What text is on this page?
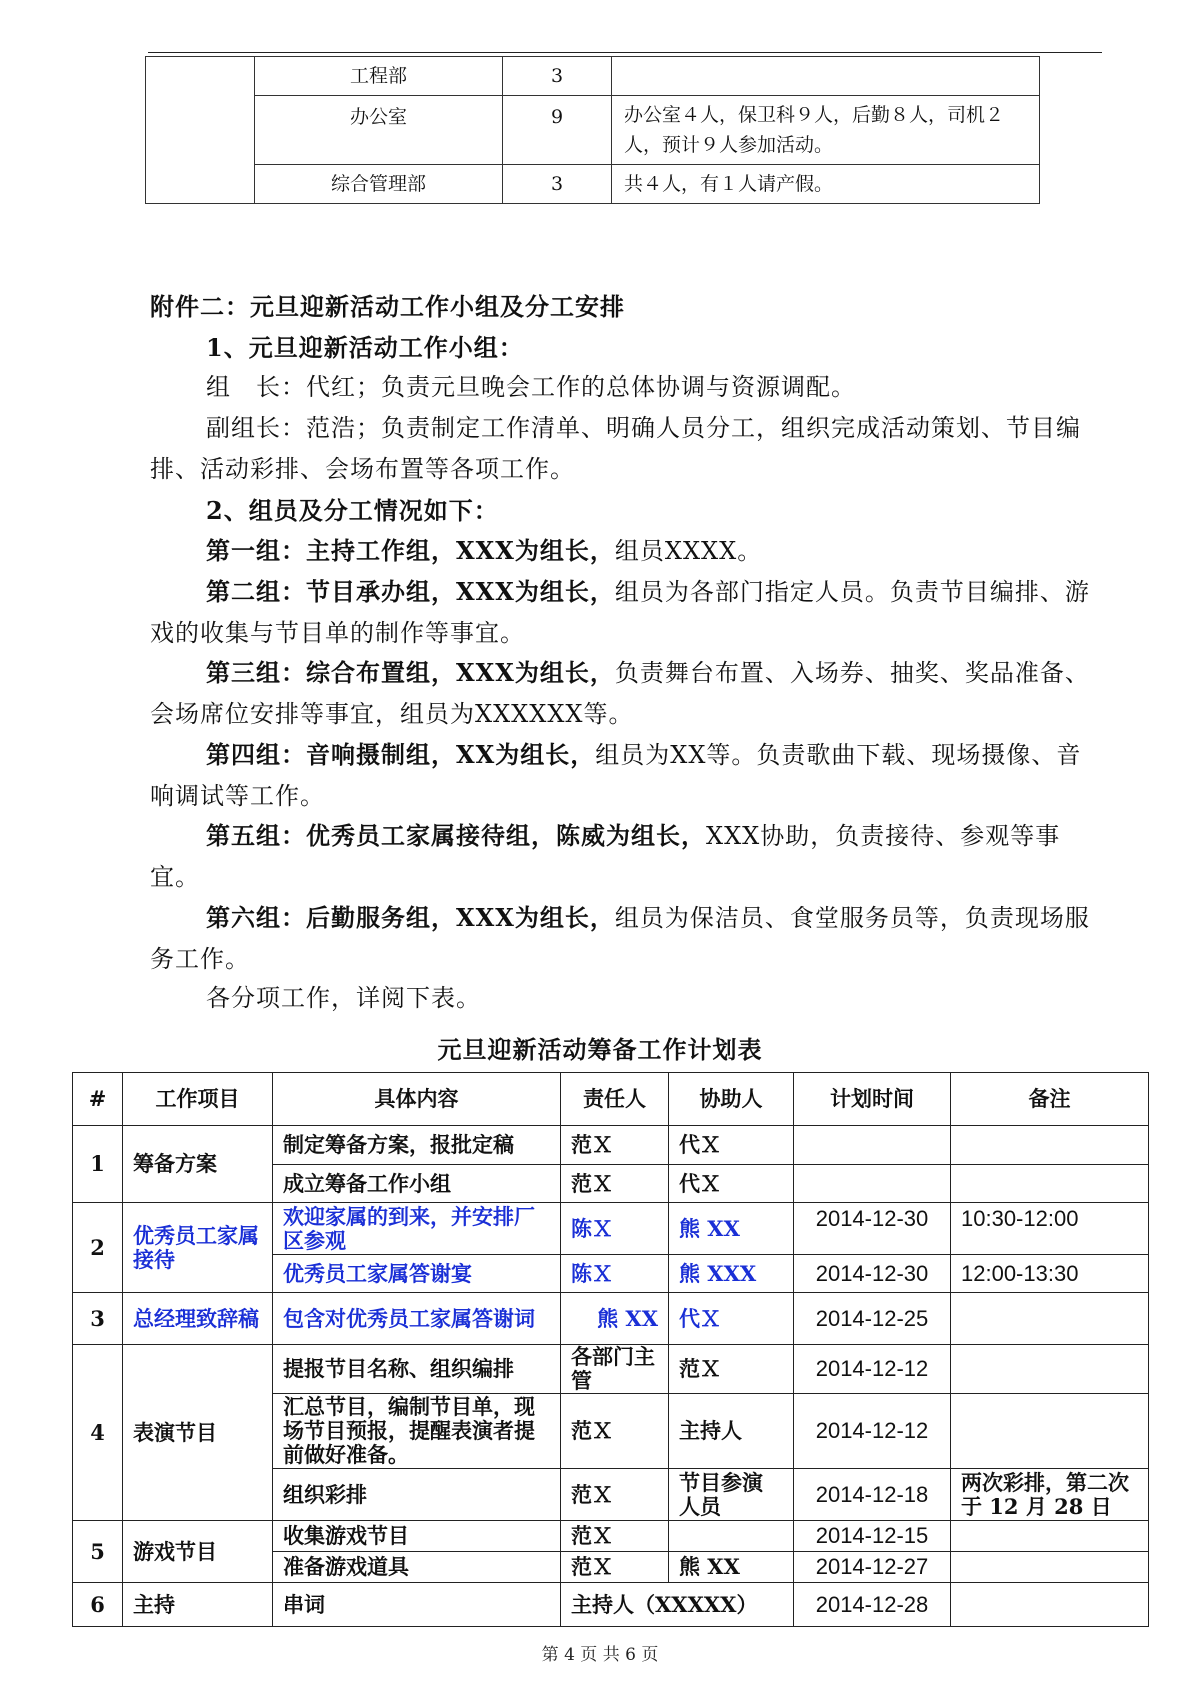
	工程部	3	
	办公室	9	办公室４人，保卫科９人，后勤８人，司机２人，预计９人参加活动。
	综合管理部	3	共４人，有１人请产假。

附件二：元旦迎新活动工作小组及分工安排

1、元旦迎新活动工作小组：

组　长：代红；负责元旦晚会工作的总体协调与资源调配。

副组长：范浩；负责制定工作清单、明确人员分工，组织完成活动策划、节目编排、活动彩排、会场布置等各项工作。

2、组员及分工情况如下：

第一组：主持工作组，XXX为组长，组员XXXX。

第二组：节目承办组，XXX为组长，组员为各部门指定人员。负责节目编排、游戏的收集与节目单的制作等事宜。

第三组：综合布置组，XXX为组长，负责舞台布置、入场券、抽奖、奖品准备、会场席位安排等事宜，组员为XXXXXX等。

第四组：音响摄制组，XX为组长，组员为XX等。负责歌曲下载、现场摄像、音响调试等工作。

第五组：优秀员工家属接待组，陈威为组长，XXX协助，负责接待、参观等事宜。

第六组：后勤服务组，XXX为组长，组员为保洁员、食堂服务员等，负责现场服务工作。

各分项工作，详阅下表。

元旦迎新活动筹备工作计划表
#	工作项目	具体内容	责任人	协助人	计划时间	备注
1	筹备方案	制定筹备方案，报批定稿	范Ｘ	代Ｘ		
		成立筹备工作小组	范Ｘ	代Ｘ		
2	优秀员工家属接待	欢迎家属的到来，并安排厂区参观	陈Ｘ	熊 XX	2014-12-30	10:30-12:00
		优秀员工家属答谢宴	陈Ｘ	熊 XXX	2014-12-30	12:00-13:30
3	总经理致辞稿	包含对优秀员工家属答谢词	熊 XX	代Ｘ	2014-12-25	
4	表演节目	提报节目名称、组织编排	各部门主管	范Ｘ	2014-12-12	
		汇总节目，编制节目单，现场节目预报，提醒表演者提前做好准备。	范Ｘ	主持人	2014-12-12	
		组织彩排	范Ｘ	节目参演人员	2014-12-18	两次彩排，第二次于 12 月 28 日
5	游戏节目	收集游戏节目	范Ｘ		2014-12-15	
		准备游戏道具	范Ｘ	熊 XX	2014-12-27	
6	主持	串词	主持人（XXXXX）		2014-12-28	
第 4 页 共 6 页
